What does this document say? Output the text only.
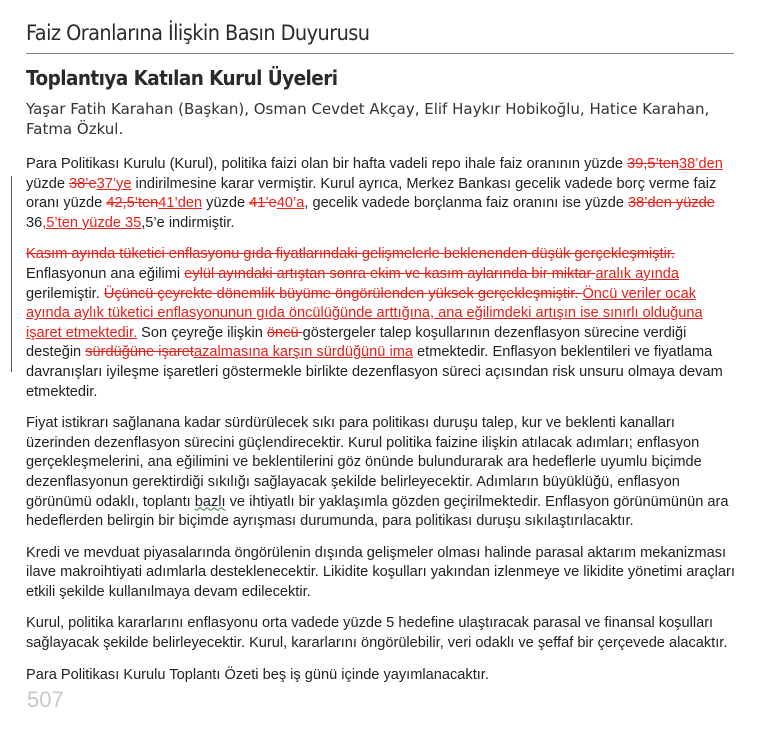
Faiz Oranlarına İlişkin Basın Duyurusu
Toplantıya Katılan Kurul Üyeleri
Yaşar Fatih Karahan (Başkan), Osman Cevdet Akçay, Elif Haykır Hobikoğlu, Hatice Karahan, Fatma Özkul.

Para Politikası Kurulu (Kurul), politika faizi olan bir hafta vadeli repo ihale faiz oranının yüzde 39,5’ten38’den yüzde 38’e37’ye indirilmesine karar vermiştir. Kurul ayrıca, Merkez Bankası gecelik vadede borç verme faiz oranı yüzde 42,5’ten41’den yüzde 41’e40’a, gecelik vadede borçlanma faiz oranını ise yüzde 38’den yüzde 36,5’ten yüzde 35,5’e indirmiştir.

Kasım ayında tüketici enflasyonu gıda fiyatlarındaki gelişmelerle beklenenden düşük gerçekleşmiştir. Enflasyonun ana eğilimi eylül ayındaki artıştan sonra ekim ve kasım aylarında bir miktar aralık ayında gerilemiştir. Üçüncü çeyrekte dönemlik büyüme öngörülenden yüksek gerçekleşmiştir. Öncü veriler ocak ayında aylık tüketici enflasyonunun gıda öncülüğünde arttığına, ana eğilimdeki artışın ise sınırlı olduğuna işaret etmektedir. Son çeyreğe ilişkin öncü göstergeler talep koşullarının dezenflasyon sürecine verdiği desteğin sürdüğüne işaretazalmasına karşın sürdüğünü ima etmektedir. Enflasyon beklentileri ve fiyatlama davranışları iyileşme işaretleri göstermekle birlikte dezenflasyon süreci açısından risk unsuru olmaya devam etmektedir.

Fiyat istikrarı sağlanana kadar sürdürülecek sıkı para politikası duruşu talep, kur ve beklenti kanalları üzerinden dezenflasyon sürecini güçlendirecektir. Kurul politika faizine ilişkin atılacak adımları; enflasyon gerçekleşmelerini, ana eğilimini ve beklentilerini göz önünde bulundurarak ara hedeflerle uyumlu biçimde dezenflasyonun gerektirdiği sıkılığı sağlayacak şekilde belirleyecektir. Adımların büyüklüğü, enflasyon görünümü odaklı, toplantı bazlı ve ihtiyatlı bir yaklaşımla gözden geçirilmektedir. Enflasyon görünümünün ara hedeflerden belirgin bir biçimde ayrışması durumunda, para politikası duruşu sıkılaştırılacaktır.

Kredi ve mevduat piyasalarında öngörülenin dışında gelişmeler olması halinde parasal aktarım mekanizması ilave makroihtiyati adımlarla desteklenecektir. Likidite koşulları yakından izlenmeye ve likidite yönetimi araçları etkili şekilde kullanılmaya devam edilecektir.

Kurul, politika kararlarını enflasyonu orta vadede yüzde 5 hedefine ulaştıracak parasal ve finansal koşulları sağlayacak şekilde belirleyecektir. Kurul, kararlarını öngörülebilir, veri odaklı ve şeffaf bir çerçevede alacaktır.

Para Politikası Kurulu Toplantı Özeti beş iş günü içinde yayımlanacaktır.

507
